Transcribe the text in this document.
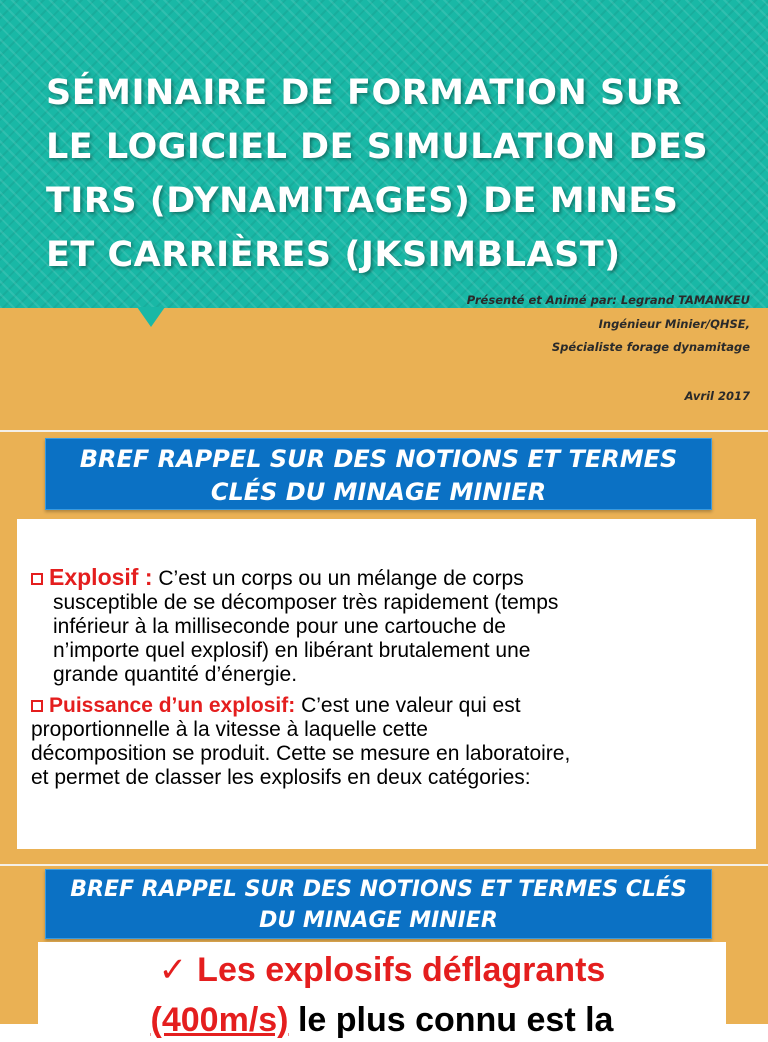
SÉMINAIRE DE FORMATION SUR
LE LOGICIEL DE SIMULATION DES
TIRS (DYNAMITAGES) DE MINES
ET CARRIÈRES (JKSIMBLAST)
Présenté et Animé par: Legrand TAMANKEU
Ingénieur Minier/QHSE,
Spécialiste forage dynamitage
Avril 2017
BREF RAPPEL SUR DES NOTIONS ET TERMES
CLÉS DU MINAGE MINIER

Explosif : C’est un corps ou un mélange de corps
susceptible de se décomposer très rapidement (temps
inférieur à la milliseconde pour une cartouche de
n’importe quel explosif) en libérant brutalement une
grande quantité d’énergie.

Puissance d’un explosif: C’est une valeur qui est
proportionnelle à la vitesse à laquelle cette
décomposition se produit. Cette se mesure en laboratoire,
et permet de classer les explosifs en deux catégories:

BREF RAPPEL SUR DES NOTIONS ET TERMES CLÉS
DU MINAGE MINIER
✓ Les explosifs déflagrants
(400m/s) le plus connu est la
